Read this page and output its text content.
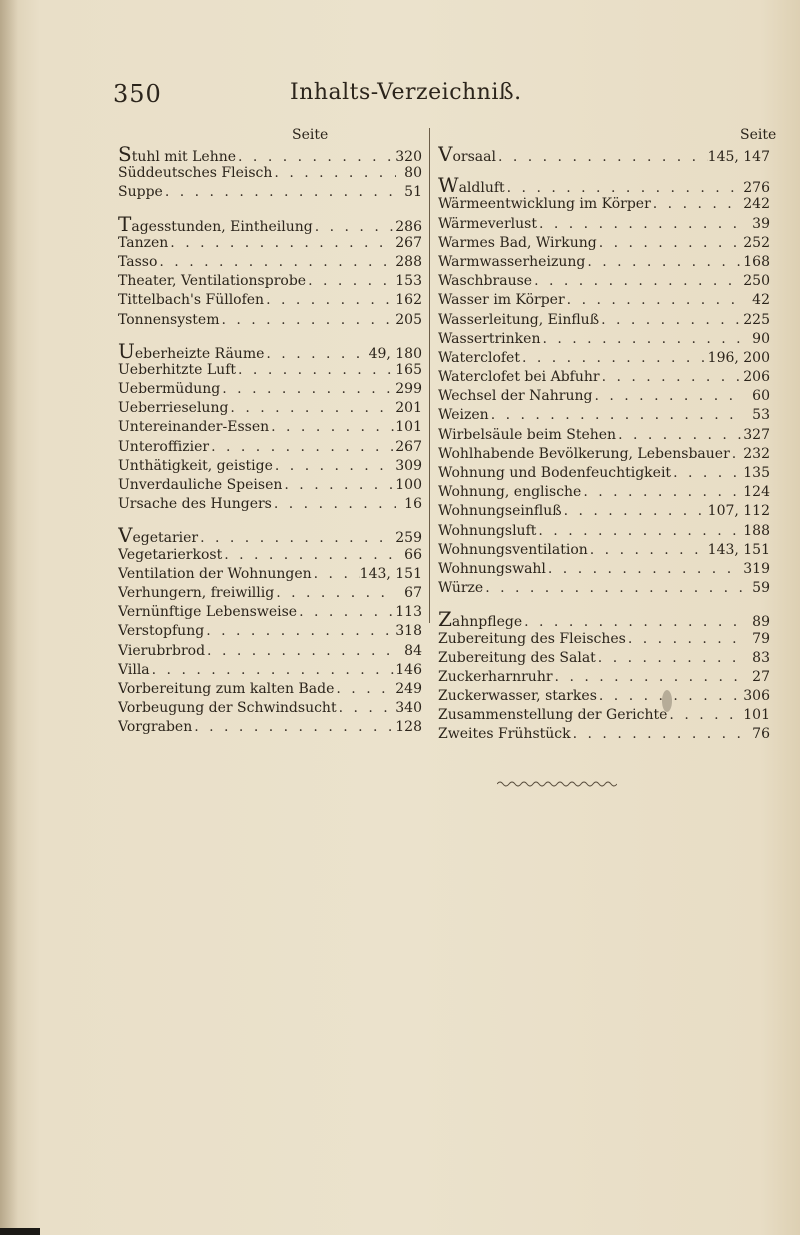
350	Inhalts-Verzeichniß.
Seite	Seite
Stuhl mit Lehne . . .	320
Süddeutsches Fleisch . . .	80
Suppe . . .	51
Tagesstunden, Eintheilung . . .	286
Tanzen . . .	267
Tasso . . .	288
Theater, Ventilationsprobe . . .	153
Tittelbach's Füllofen . . .	162
Tonnensystem . . .	205
Ueberheizte Räume . . .	49, 180
Ueberhitzte Luft . . .	165
Uebermüdung . . .	299
Ueberrieselung . . .	201
Untereinander-Essen . . .	101
Unteroffizier . . .	267
Unthätigkeit, geistige . . .	309
Unverdauliche Speisen . . .	100
Ursache des Hungers . . .	16
Vegetarier . . .	259
Vegetarierkost . . .	66
Ventilation der Wohnungen . . .	143, 151
Verhungern, freiwillig . . .	67
Vernünftige Lebensweise . . .	113
Verstopfung . . .	318
Vierubrbrod . . .	84
Villa . . .	146
Vorbereitung zum kalten Bade . . .	249
Vorbeugung der Schwindsucht . . .	340
Vorgraben . . .	128
Vorsaal . . .	145, 147
Waldluft . . .	276
Wärmeentwicklung im Körper . . .	242
Wärmeverlust . . .	39
Warmes Bad, Wirkung . . .	252
Warmwasserheizung . . .	168
Waschbrause . . .	250
Wasser im Körper . . .	42
Wasserleitung, Einfluß . . .	225
Wassertrinken . . .	90
Waterclofet . . .	196, 200
Waterclofet bei Abfuhr . . .	206
Wechsel der Nahrung . . .	60
Weizen . . .	53
Wirbelsäule beim Stehen . . .	327
Wohlhabende Bevölkerung, Lebensbauer . . . 232
Wohnung und Bodenfeuchtigkeit . . .	135
Wohnung, englische . . .	124
Wohnungseinfluß . . .	107, 112
Wohnungsluft . . .	188
Wohnungsventilation . . .	143, 151
Wohnungswahl . . .	319
Würze . . .	59
Zahnpflege . . .	89
Zubereitung des Fleisches . . .	79
Zubereitung des Salat . . .	83
Zuckerharnruhr . . .	27
Zuckerwasser, starkes . . .	306
Zusammenstellung der Gerichte . . .	101
Zweites Frühstück . . .	76
